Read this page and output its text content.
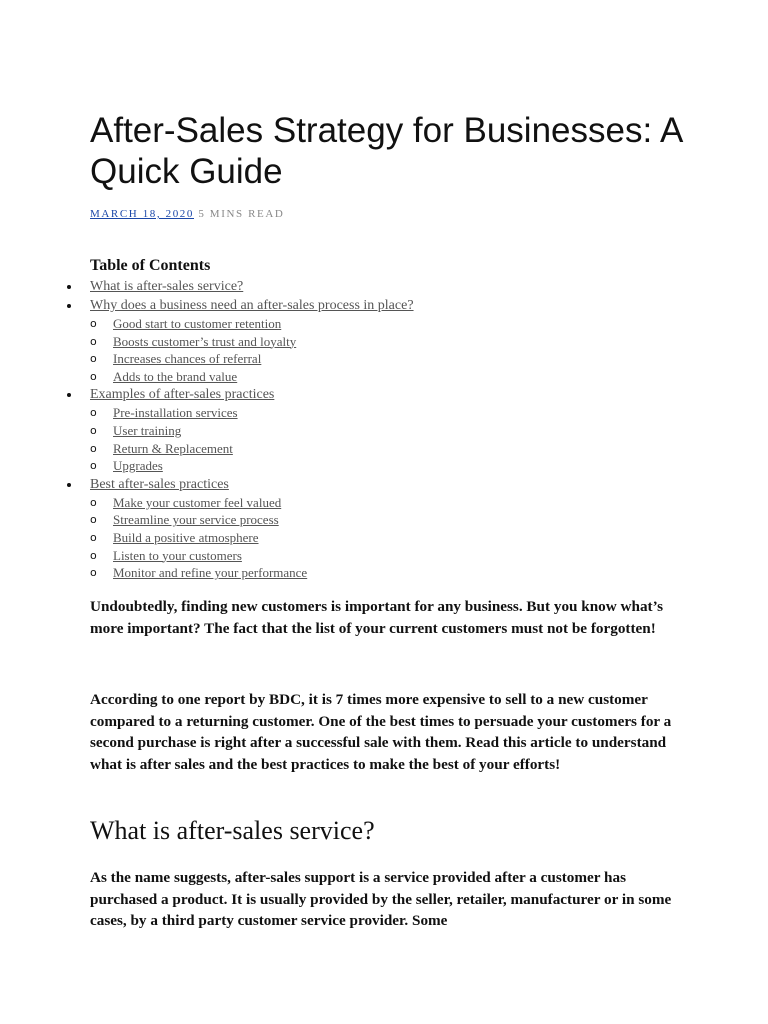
After-Sales Strategy for Businesses: A Quick Guide
MARCH 18, 2020 5 MINS READ
Table of Contents
What is after-sales service?
Why does a business need an after-sales process in place?
o Good start to customer retention
o Boosts customer’s trust and loyalty
o Increases chances of referral
o Adds to the brand value
Examples of after-sales practices
o Pre-installation services
o User training
o Return & Replacement
o Upgrades
Best after-sales practices
o Make your customer feel valued
o Streamline your service process
o Build a positive atmosphere
o Listen to your customers
o Monitor and refine your performance

Undoubtedly, finding new customers is important for any business. But you know what’s more important? The fact that the list of your current customers must not be forgotten!

According to one report by BDC, it is 7 times more expensive to sell to a new customer compared to a returning customer. One of the best times to persuade your customers for a second purchase is right after a successful sale with them. Read this article to understand what is after sales and the best practices to make the best of your efforts!

What is after-sales service?

As the name suggests, after-sales support is a service provided after a customer has purchased a product. It is usually provided by the seller, retailer, manufacturer or in some cases, by a third party customer service provider. Some
